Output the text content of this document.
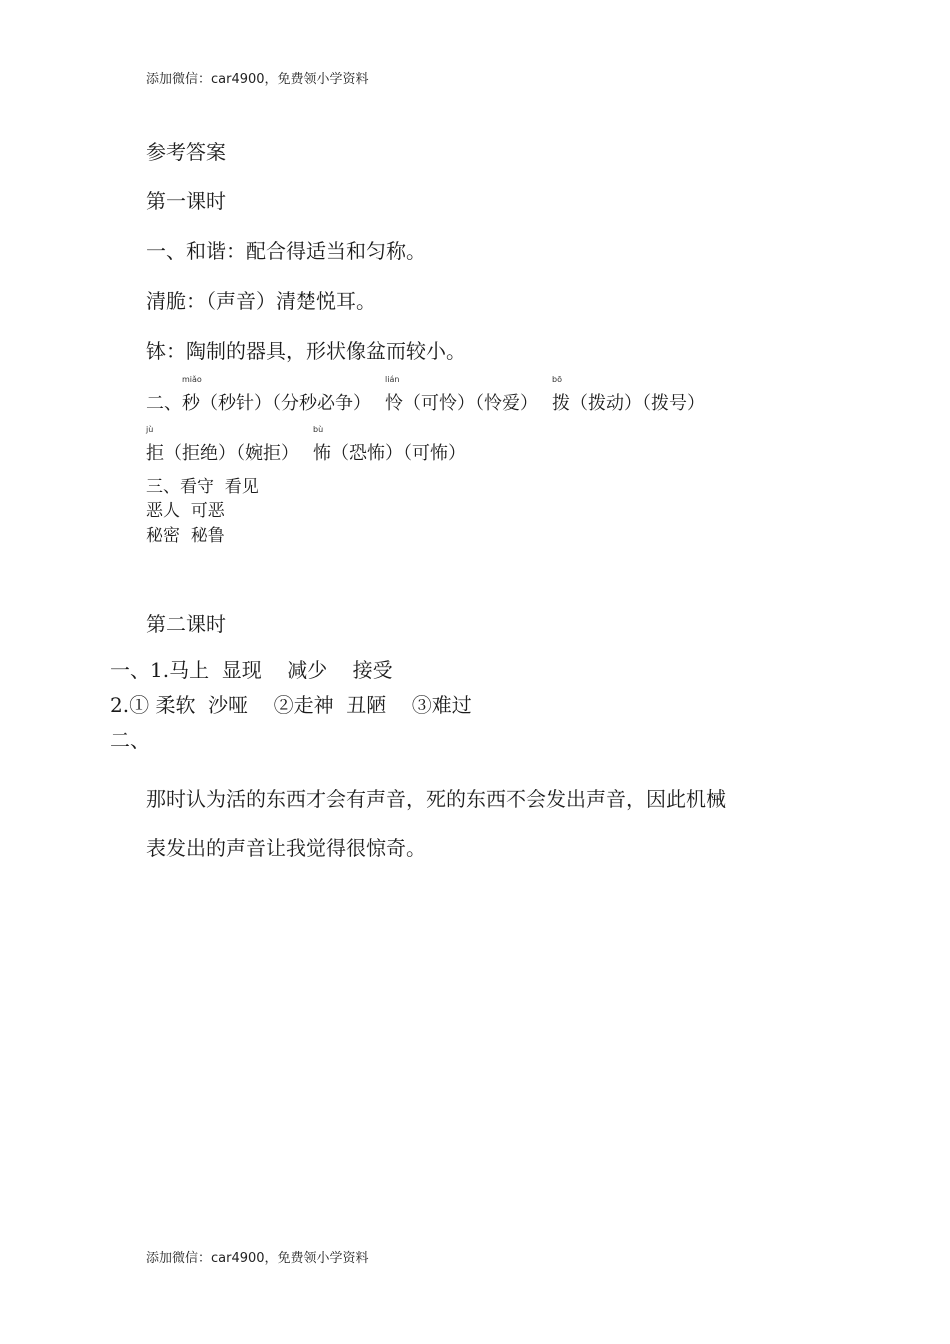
添加微信：car4900，免费领小学资料
参考答案
第一课时
一、和谐：配合得适当和匀称。
清脆：（声音）清楚悦耳。
钵：陶制的器具，形状像盆而较小。
二、
miǎo
秒（秒针）（分秒必争）
lián
怜（可怜）（怜爱）
bō
拨（拨动）（拨号）
jù
拒（拒绝）（婉拒）
bù
怖（恐怖）（可怖）
三、看守  看见
恶人  可恶
秘密  秘鲁
第二课时
一、1.马上  显现    减少    接受
2.① 柔软  沙哑    ②走神  丑陋    ③难过
二、
那时认为活的东西才会有声音，死的东西不会发出声音，因此机械
表发出的声音让我觉得很惊奇。
添加微信：car4900，免费领小学资料
